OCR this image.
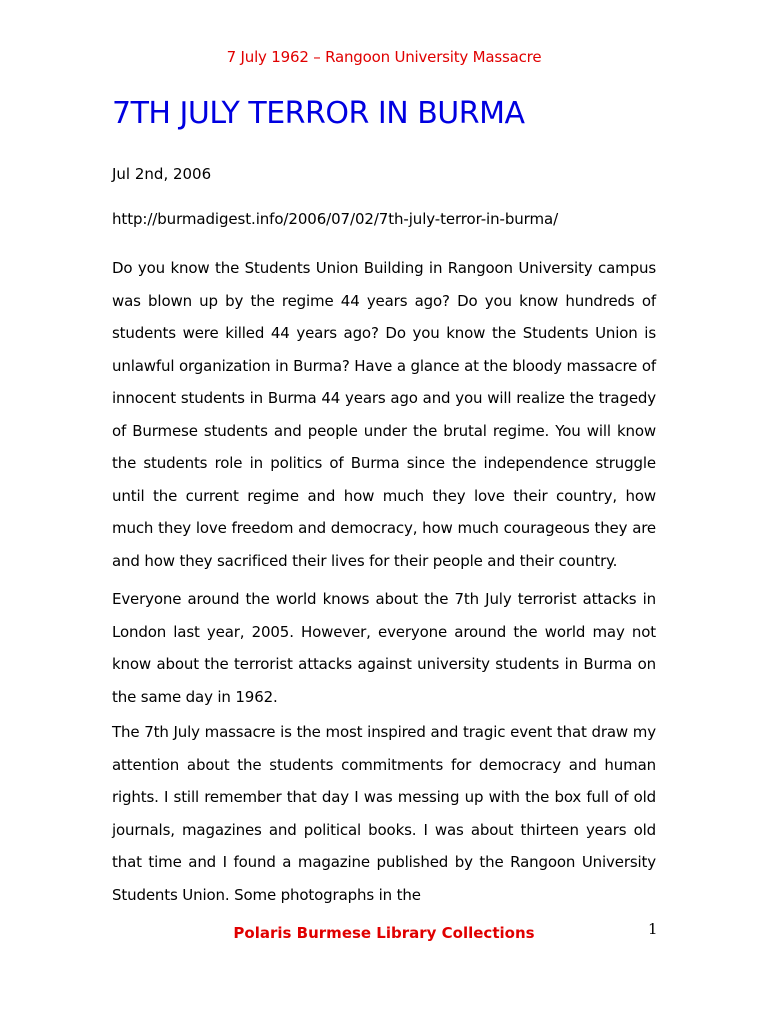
7 July 1962 – Rangoon University Massacre
7TH JULY TERROR IN BURMA
Jul 2nd, 2006
http://burmadigest.info/2006/07/02/7th-july-terror-in-burma/

Do you know the Students Union Building in Rangoon University campus was blown up by the regime 44 years ago? Do you know hundreds of students were killed 44 years ago? Do you know the Students Union is unlawful organization in Burma? Have a glance at the bloody massacre of innocent students in Burma 44 years ago and you will realize the tragedy of Burmese students and people under the brutal regime. You will know the students role in politics of Burma since the independence struggle until the current regime and how much they love their country, how much they love freedom and democracy, how much courageous they are and how they sacrificed their lives for their people and their country.

Everyone around the world knows about the 7th July terrorist attacks in London last year, 2005. However, everyone around the world may not know about the terrorist attacks against university students in Burma on the same day in 1962.

The 7th July massacre is the most inspired and tragic event that draw my attention about the students commitments for democracy and human rights. I still remember that day I was messing up with the box full of old journals, magazines and political books. I was about thirteen years old that time and I found a magazine published by the Rangoon University Students Union. Some photographs in the

Polaris Burmese Library Collections	1
